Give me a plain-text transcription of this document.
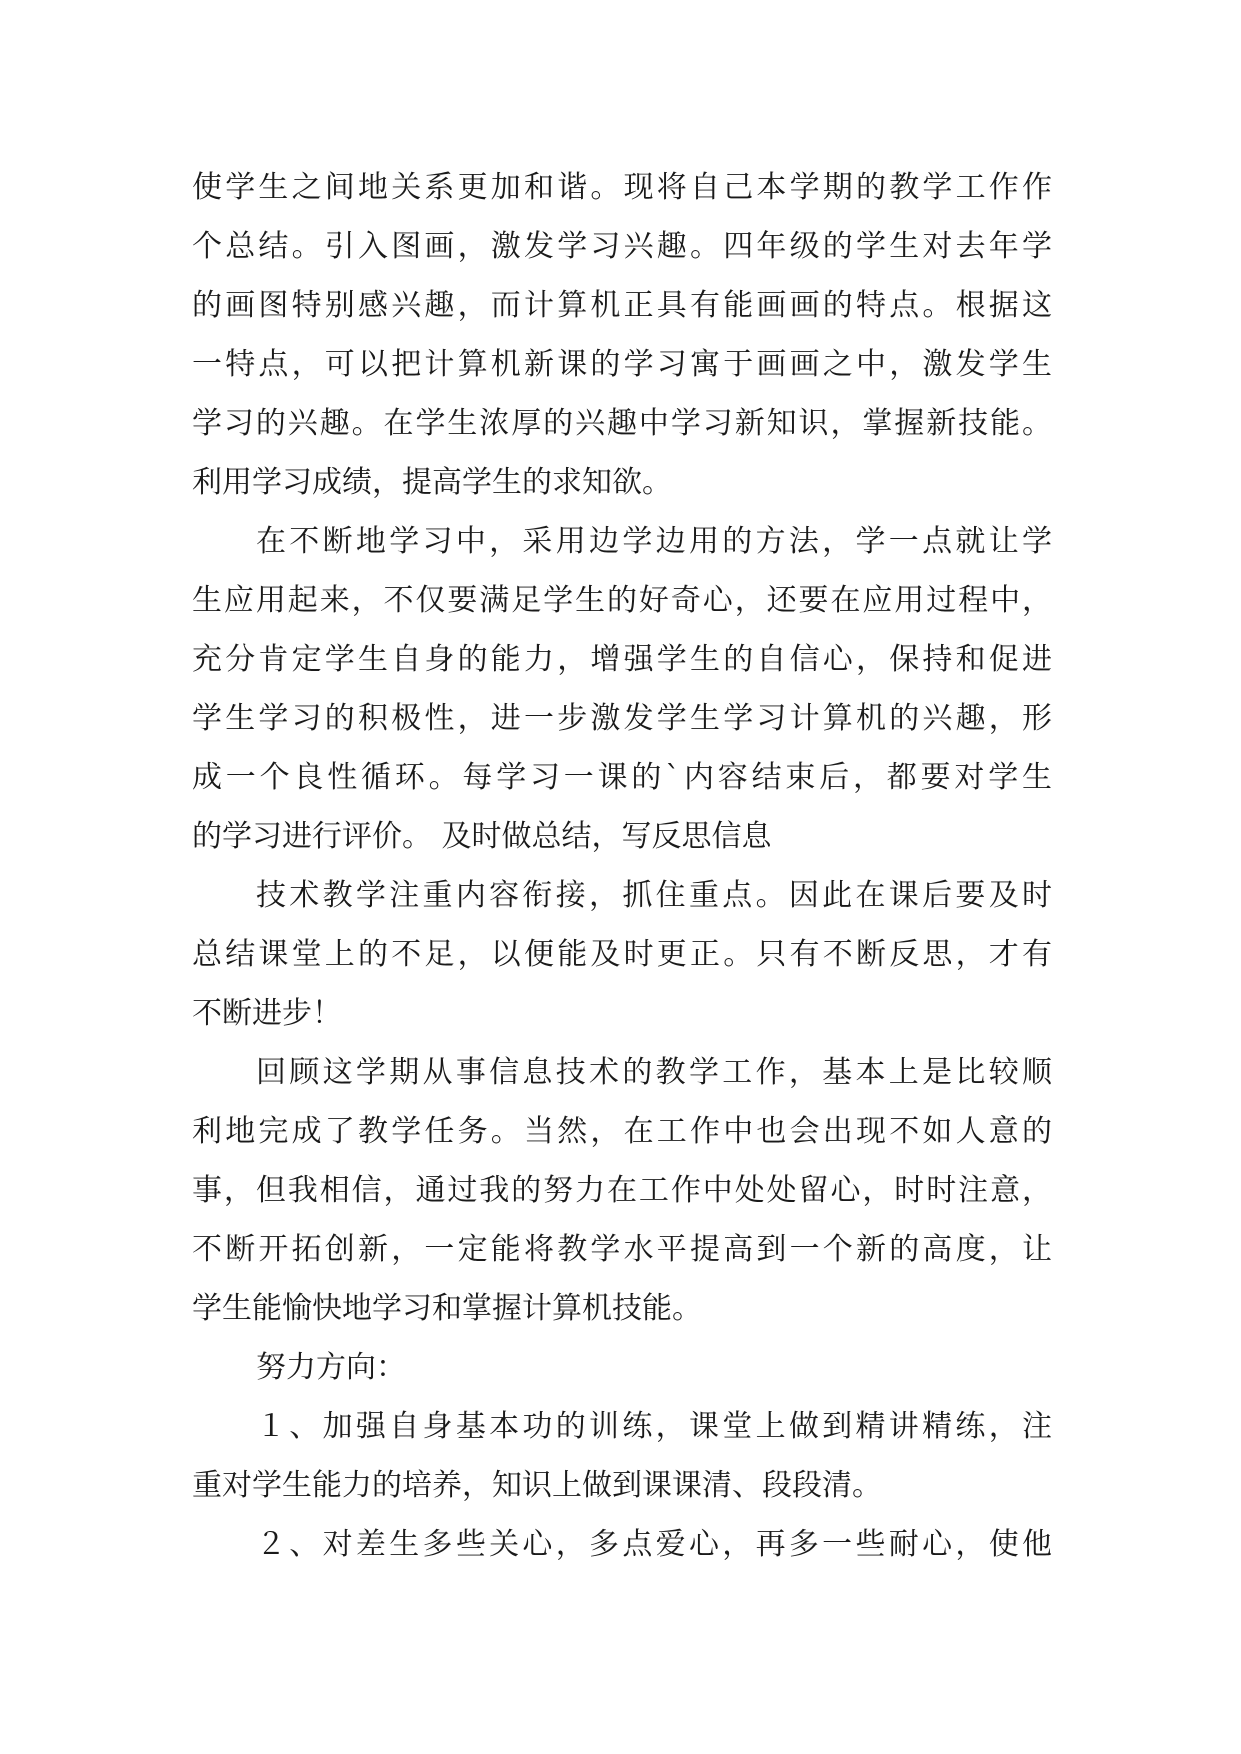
使学生之间地关系更加和谐。现将自己本学期的教学工作作
个总结。引入图画，激发学习兴趣。四年级的学生对去年学
的画图特别感兴趣，而计算机正具有能画画的特点。根据这
一特点，可以把计算机新课的学习寓于画画之中，激发学生
学习的兴趣。在学生浓厚的兴趣中学习新知识，掌握新技能。
利用学习成绩，提高学生的求知欲。
在不断地学习中，采用边学边用的方法，学一点就让学
生应用起来，不仅要满足学生的好奇心，还要在应用过程中，
充分肯定学生自身的能力，增强学生的自信心，保持和促进
学生学习的积极性，进一步激发学生学习计算机的兴趣，形
成一个良性循环。每学习一课的`内容结束后，都要对学生
的学习进行评价。 及时做总结，写反思信息
技术教学注重内容衔接，抓住重点。因此在课后要及时
总结课堂上的不足，以便能及时更正。只有不断反思，才有
不断进步！
回顾这学期从事信息技术的教学工作，基本上是比较顺
利地完成了教学任务。当然，在工作中也会出现不如人意的
事，但我相信，通过我的努力在工作中处处留心，时时注意，
不断开拓创新，一定能将教学水平提高到一个新的高度，让
学生能愉快地学习和掌握计算机技能。
努力方向：
１、加强自身基本功的训练，课堂上做到精讲精练，注
重对学生能力的培养，知识上做到课课清、段段清。
２、对差生多些关心，多点爱心，再多一些耐心，使他
